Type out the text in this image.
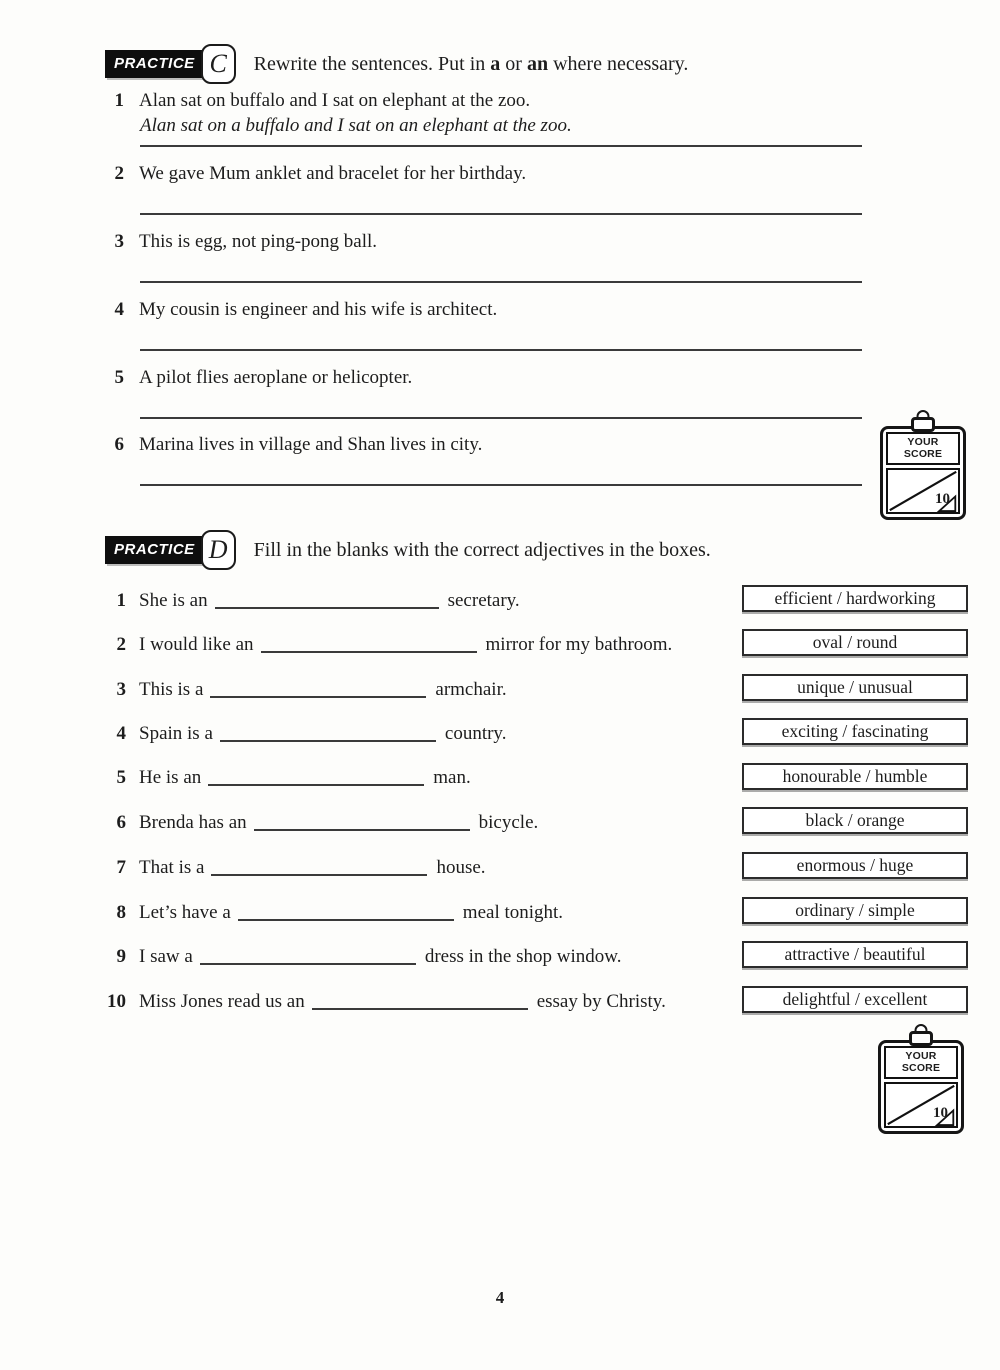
PRACTICE C	Rewrite the sentences. Put in a or an where necessary.
1 Alan sat on buffalo and I sat on elephant at the zoo.
Alan sat on a buffalo and I sat on an elephant at the zoo.
2 We gave Mum anklet and bracelet for her birthday.
3 This is egg, not ping-pong ball.
4 My cousin is engineer and his wife is architect.
5 A pilot flies aeroplane or helicopter.
6 Marina lives in village and Shan lives in city.	YOUR SCORE
10
PRACTICE D	Fill in the blanks with the correct adjectives in the boxes.
1 She is an	secretary.
2 I would like an	mirror for my bathroom.
3 This is a	armchair.
4 Spain is a	country.
5 He is an	man.
6 Brenda has an	bicycle.
7 That is a	house.
8 Let’s have a	meal tonight.
9 I saw a	dress in the shop window.
10 Miss Jones read us an	essay by Christy.
efficient / hardworking
oval / round
unique / unusual
exciting / fascinating
honourable / humble
black / orange
enormous / huge
ordinary / simple
attractive / beautiful
delightful / excellent
YOUR SCORE
10
4
